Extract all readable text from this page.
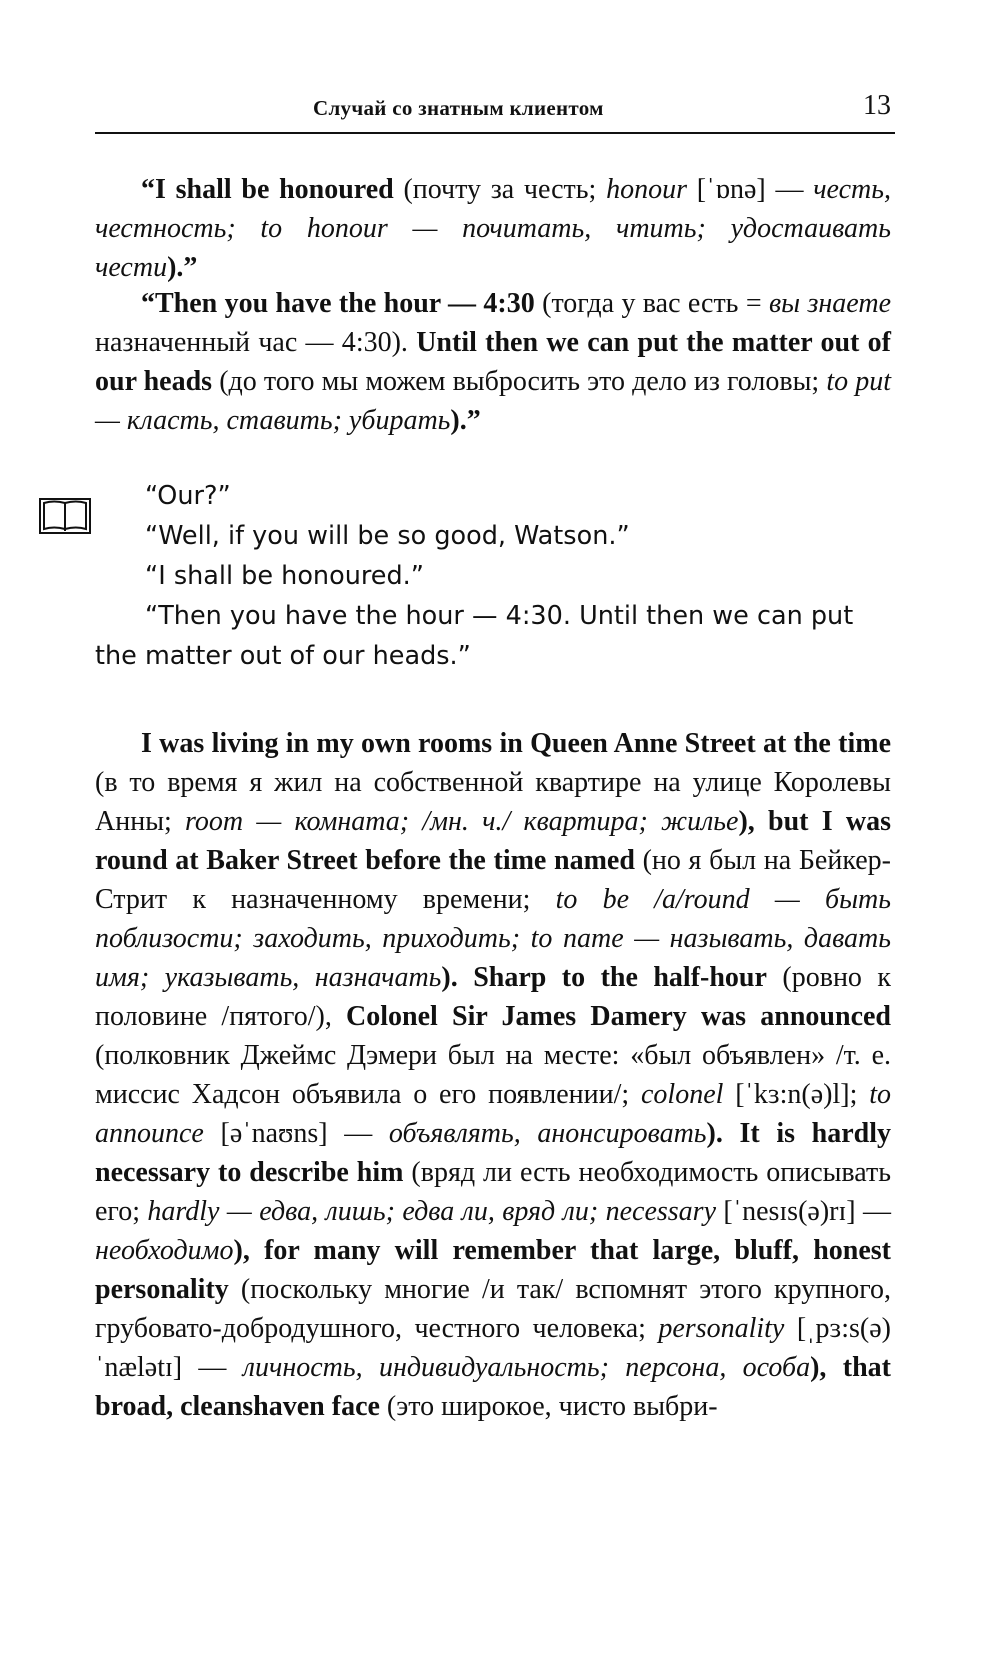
Случай со знатным клиентом	13

“I shall be honoured (почту за честь; honour [ˈɒnə] — честь, честность; to honour — почитать, чтить; удостаивать чести).”

“Then you have the hour — 4:30 (тогда у вас есть = вы знаете назначенный час — 4:30). Until then we can put the matter out of our heads (до того мы можем выбросить это дело из головы; to put — класть, ставить; убирать).”

“Our?”

“Well, if you will be so good, Watson.”

“I shall be honoured.”

“Then you have the hour — 4:30. Until then we can put the matter out of our heads.”

I was living in my own rooms in Queen Anne Street at the time (в то время я жил на собственной квартире на улице Королевы Анны; room — комната; /мн. ч./ квартира; жилье), but I was round at Baker Street before the time named (но я был на Бейкер-Стрит к назначенному времени; to be /a/round — быть поблизости; заходить, приходить; to name — называть, давать имя; указывать, назначать). Sharp to the half-hour (ровно к половине /пятого/), Colonel Sir James Damery was announced (полковник Джеймс Дэмери был на месте: «был объявлен» /т. е. миссис Хадсон объявила о его появлении/; colonel [ˈkɜ:n(ə)l]; to announce [əˈnaʊns] — объявлять, анонсировать). It is hardly necessary to describe him (вряд ли есть необходимость описывать его; hardly — едва, лишь; едва ли, вряд ли; necessary [ˈnesɪs(ə)rɪ] — необходимо), for many will remember that large, bluff, honest personality (поскольку многие /и так/ вспомнят этого крупного, грубовато-добродушного, честного человека; personality [ˌpɜ:s(ə)ˈnælətɪ] — личность, индивидуальность; персона, особа), that broad, cleanshaven face (это широкое, чисто выбри-
